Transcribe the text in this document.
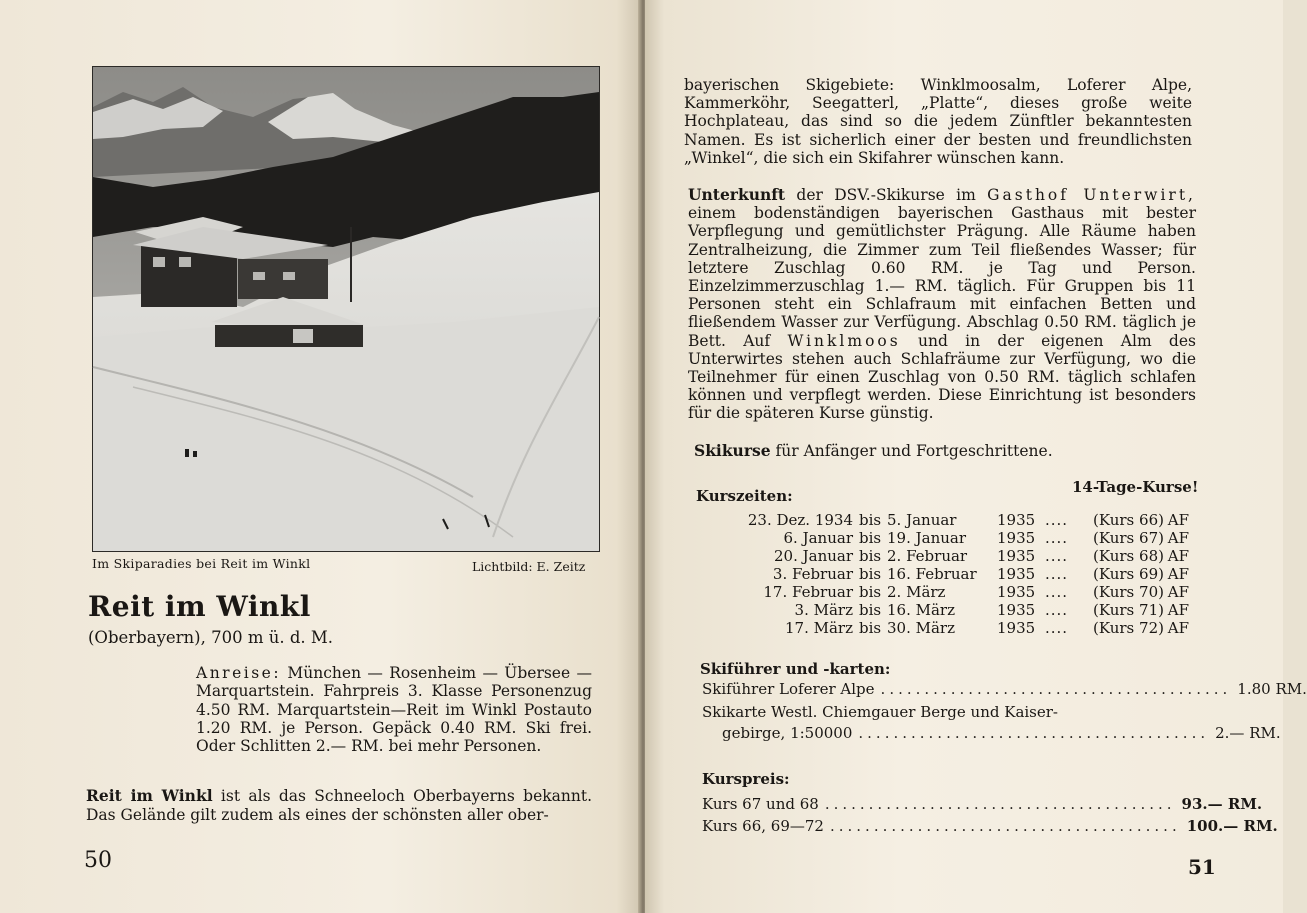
Im Skiparadies bei Reit im Winkl	Lichtbild: E. Zeitz
Reit im Winkl
(Oberbayern), 700 m ü. d. M.
Anreise: München — Rosenheim — Übersee — Marquartstein. Fahrpreis 3. Klasse Personenzug 4.50 RM. Marquartstein—Reit im Winkl Postauto 1.20 RM. je Person. Gepäck 0.40 RM. Ski frei. Oder Schlitten 2.— RM. bei mehr Personen.
Reit im Winkl ist als das Schneeloch Oberbayerns bekannt. Das Gelände gilt zudem als eines der schönsten aller ober-
50
bayerischen Skigebiete: Winklmoosalm, Loferer Alpe, Kammerköhr, Seegatterl, „Platte“, dieses große weite Hochplateau, das sind so die jedem Zünftler bekanntesten Namen. Es ist sicherlich einer der besten und freundlichsten „Winkel“, die sich ein Skifahrer wünschen kann.
Unterkunft der DSV.-Skikurse im Gasthof Unterwirt, einem bodenständigen bayerischen Gasthaus mit bester Verpflegung und gemütlichster Prägung. Alle Räume haben Zentralheizung, die Zimmer zum Teil fließendes Wasser; für letztere Zuschlag 0.60 RM. je Tag und Person. Einzelzimmerzuschlag 1.— RM. täglich. Für Gruppen bis 11 Personen steht ein Schlafraum mit einfachen Betten und fließendem Wasser zur Verfügung. Abschlag 0.50 RM. täglich je Bett. Auf Winklmoos und in der eigenen Alm des Unterwirtes stehen auch Schlafräume zur Verfügung, wo die Teilnehmer für einen Zuschlag von 0.50 RM. täglich schlafen können und verpflegt werden. Diese Einrichtung ist besonders für die späteren Kurse günstig.
Skikurse für Anfänger und Fortgeschrittene.
14-Tage-Kurse!
Kurszeiten:
23. Dez. 1934	bis	5. Januar	1935	....	(Kurs 66)	AF
6. Januar	bis	19. Januar	1935	....	(Kurs 67)	AF
20. Januar	bis	2. Februar	1935	....	(Kurs 68)	AF
3. Februar	bis	16. Februar	1935	....	(Kurs 69)	AF
17. Februar	bis	2. März	1935	....	(Kurs 70)	AF
3. März	bis	16. März	1935	....	(Kurs 71)	AF
17. März	bis	30. März	1935	....	(Kurs 72)	AF
Skiführer und -karten:
Skiführer Loferer Alpe ........................................ 1.80 RM.
Skikarte Westl. Chiemgauer Berge und Kaiser-
gebirge, 1:50000 ........................................ 2.— RM.
Kurspreis:
Kurs 67 und 68 ........................................ 93.— RM.
Kurs 66, 69—72 ........................................ 100.— RM.
51
